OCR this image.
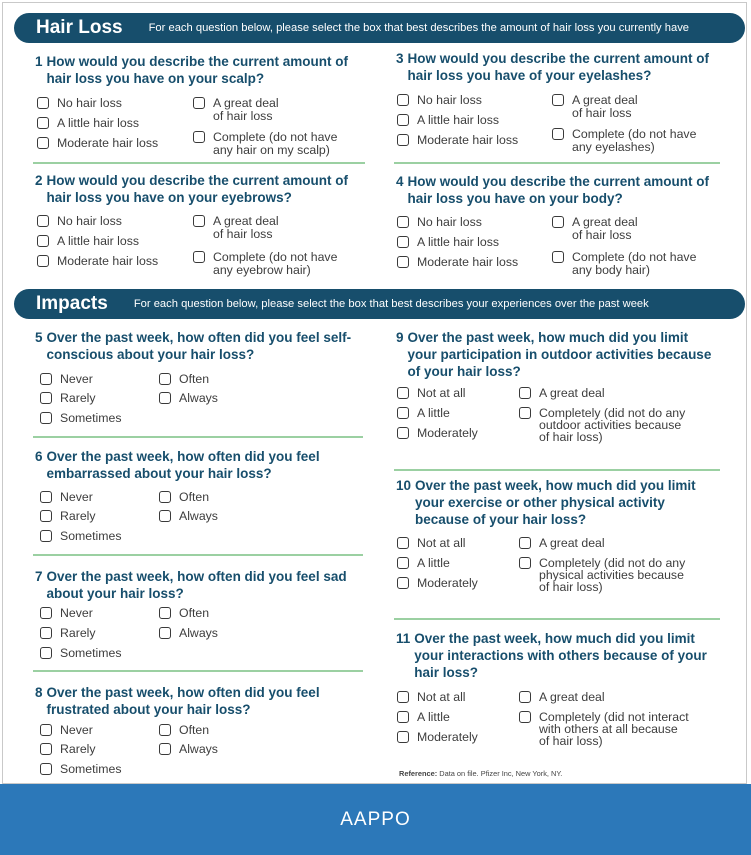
Hair Loss For each question below, please select the box that best describes the amount of hair loss you currently have
1 How would you describe the current amount of hair loss you have on your scalp?
No hair loss
A little hair loss
Moderate hair loss
A great deal
of hair loss
Complete (do not have
any hair on my scalp)
3 How would you describe the current amount of hair loss you have of your eyelashes?
No hair loss
A little hair loss
Moderate hair loss
A great deal
of hair loss
Complete (do not have
any eyelashes)
2 How would you describe the current amount of hair loss you have on your eyebrows?
No hair loss
A little hair loss
Moderate hair loss
A great deal
of hair loss
Complete (do not have
any eyebrow hair)
4 How would you describe the current amount of hair loss you have on your body?
No hair loss
A little hair loss
Moderate hair loss
A great deal
of hair loss
Complete (do not have
any body hair)
Impacts For each question below, please select the box that best describes your experiences over the past week
5 Over the past week, how often did you feel self-conscious about your hair loss?
Never
Rarely
Sometimes
Often
Always
6 Over the past week, how often did you feel embarrassed about your hair loss?
Never
Rarely
Sometimes
Often
Always
7 Over the past week, how often did you feel sad about your hair loss?
Never
Rarely
Sometimes
Often
Always
8 Over the past week, how often did you feel frustrated about your hair loss?
Never
Rarely
Sometimes
Often
Always
9 Over the past week, how much did you limit your participation in outdoor activities because of your hair loss?
Not at all
A little
Moderately
A great deal
Completely (did not do any
outdoor activities because
of hair loss)
10 Over the past week, how much did you limit your exercise or other physical activity because of your hair loss?
Not at all
A little
Moderately
A great deal
Completely (did not do any
physical activities because
of hair loss)
11 Over the past week, how much did you limit your interactions with others because of your hair loss?
Not at all
A little
Moderately
A great deal
Completely (did not interact
with others at all because
of hair loss)
Reference: Data on file. Pfizer Inc, New York, NY.
AAPPO
